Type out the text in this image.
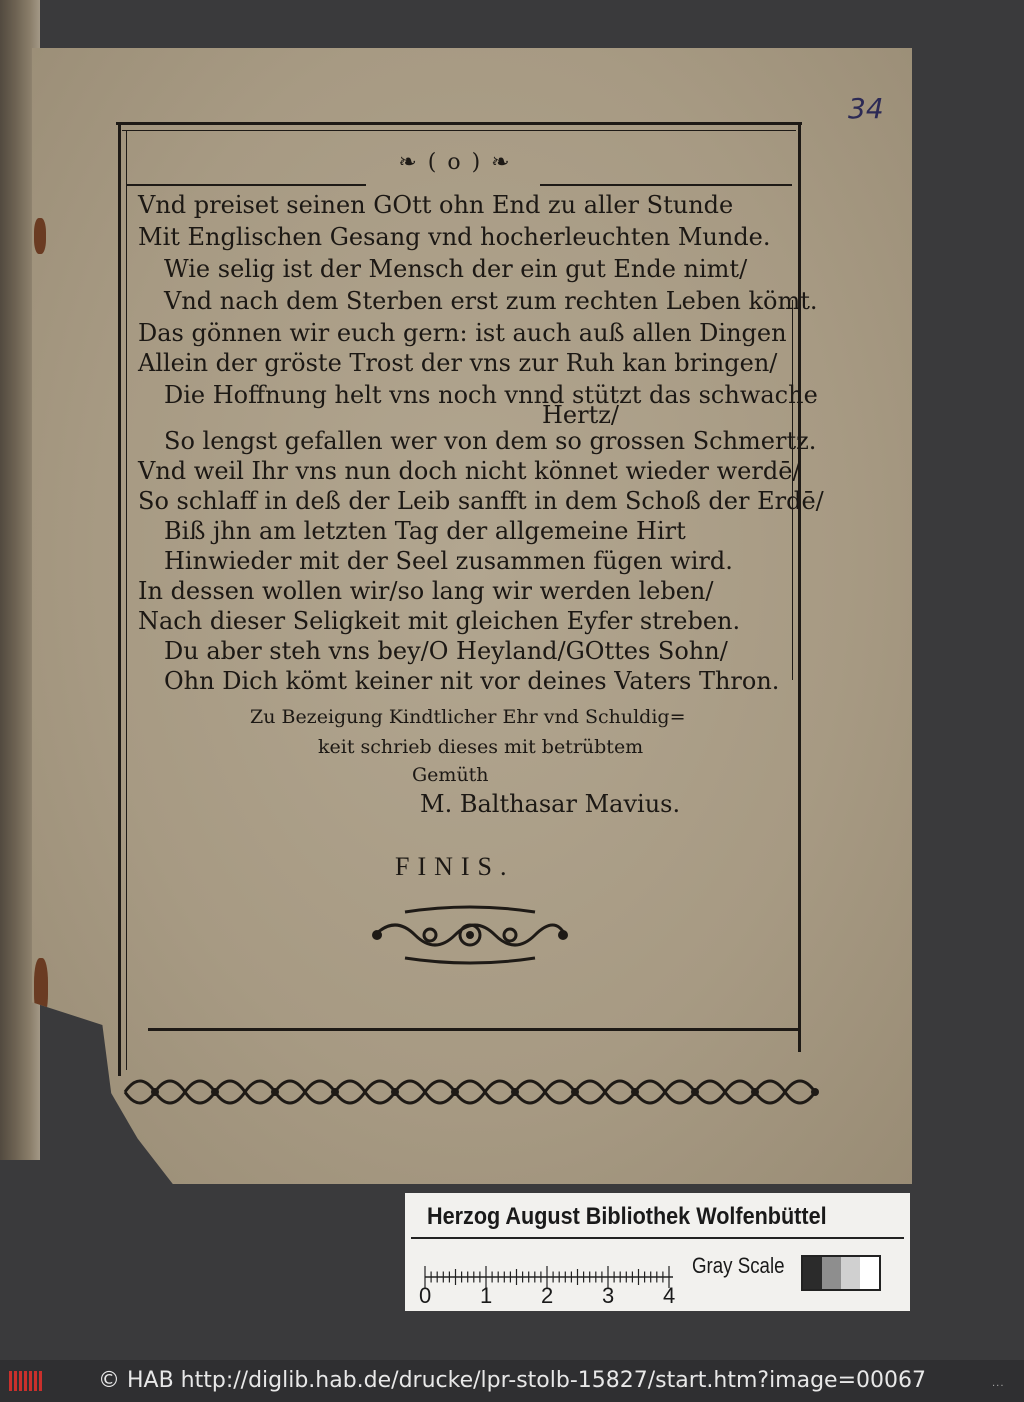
❧ ( o ) ❧
34
Vnd preiset seinen GOtt ohn End zu aller Stunde
Mit Englischen Gesang vnd hocherleuchten Munde.
Wie selig ist der Mensch der ein gut Ende nimt/
Vnd nach dem Sterben erst zum rechten Leben kömt.
Das gönnen wir euch gern: ist auch auß allen Dingen
Allein der gröste Trost der vns zur Ruh kan bringen/
Die Hoffnung helt vns noch vnnd stützt das schwache
Hertz/
So lengst gefallen wer von dem so grossen Schmertz.
Vnd weil Ihr vns nun doch nicht könnet wieder werdē/
So schlaff in deß der Leib sanfft in dem Schoß der Erdē/
Biß jhn am letzten Tag der allgemeine Hirt
Hinwieder mit der Seel zusammen fügen wird.
In dessen wollen wir/so lang wir werden leben/
Nach dieser Seligkeit mit gleichen Eyfer streben.
Du aber steh vns bey/O Heyland/GOttes Sohn/
Ohn Dich kömt keiner nit vor deines Vaters Thron.
Zu Bezeigung Kindtlicher Ehr vnd Schuldig=
keit schrieb dieses mit betrübtem
Gemüth
M. Balthasar Mavius.
FINIS.
Herzog August Bibliothek Wolfenbüttel
0 1 2 3 4
Gray Scale
© HAB http://diglib.hab.de/drucke/lpr-stolb-15827/start.htm?image=00067	...
